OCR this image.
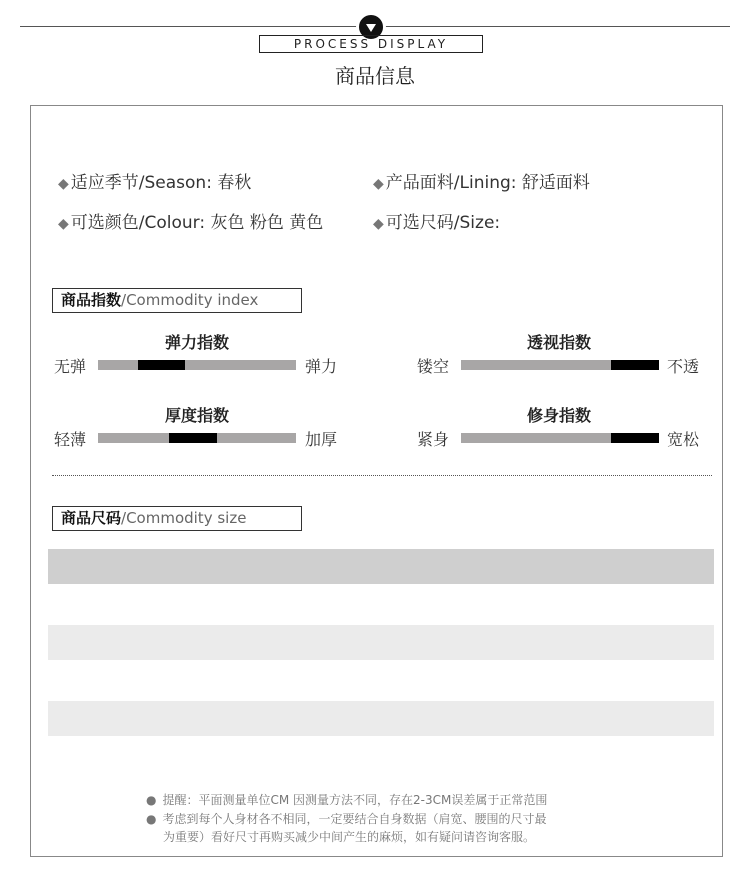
PROCESS DISPLAY
商品信息
◆ 适应季节/Season: 春秋	◆ 产品面料/Lining: 舒适面料
◆ 可选颜色/Colour: 灰色 粉色 黄色	◆ 可选尺码/Size:
商品指数/Commodity index
弹力指数
无弹	弹力
透视指数
镂空	不透
厚度指数
轻薄	加厚
修身指数
紧身	宽松
商品尺码/Commodity size
● 提醒：平面测量单位CM 因测量方法不同，存在2-3CM误差属于正常范围
● 考虑到每个人身材各不相同，一定要结合自身数据（肩宽、腰围的尺寸最
为重要）看好尺寸再购买减少中间产生的麻烦，如有疑问请咨询客服。
